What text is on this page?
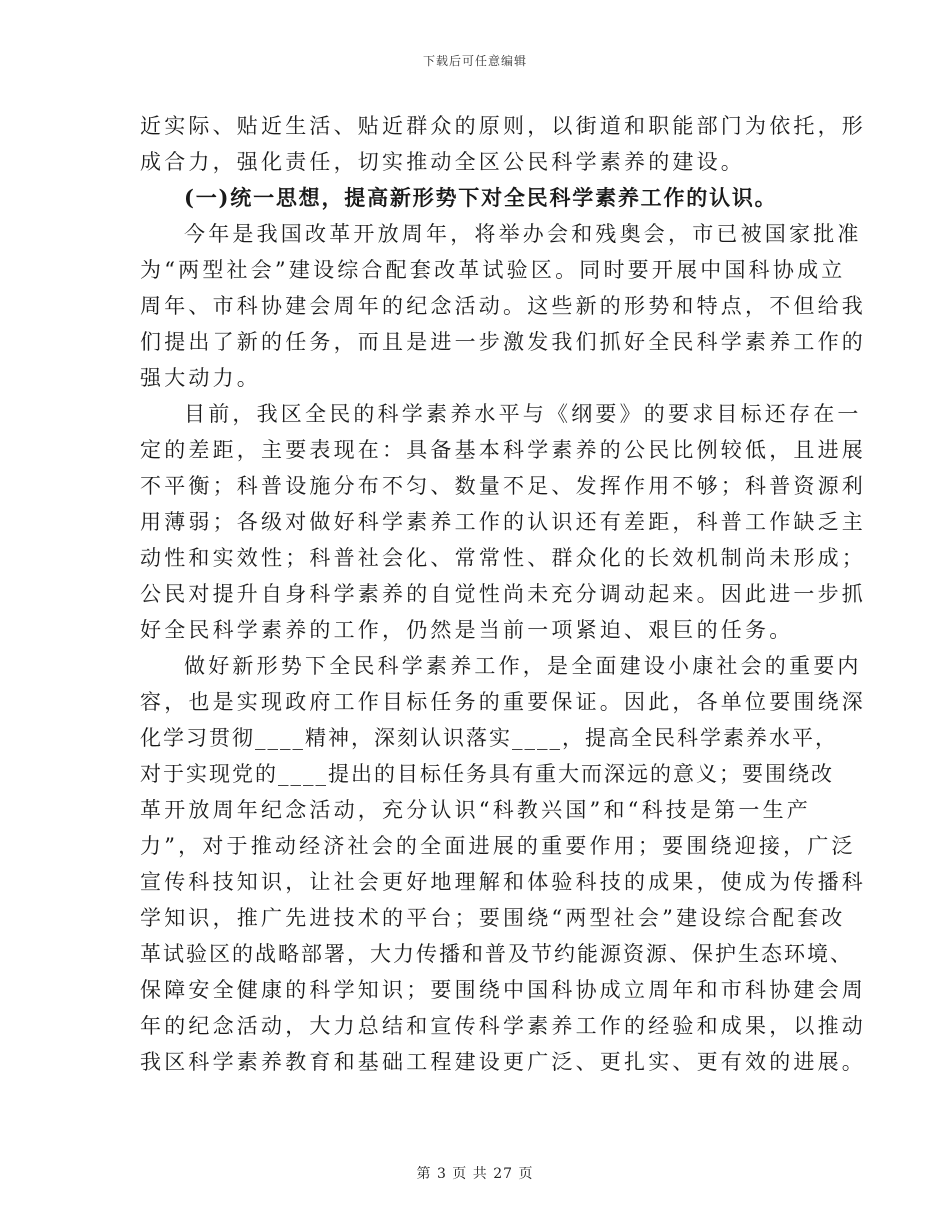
下载后可任意编辑
近实际、贴近生活、贴近群众的原则，以街道和职能部门为依托，形
成合力，强化责任，切实推动全区公民科学素养的建设。
(一)统一思想，提高新形势下对全民科学素养工作的认识。
今年是我国改革开放周年，将举办会和残奥会，市已被国家批准
为“两型社会”建设综合配套改革试验区。同时要开展中国科协成立
周年、市科协建会周年的纪念活动。这些新的形势和特点，不但给我
们提出了新的任务，而且是进一步激发我们抓好全民科学素养工作的
强大动力。
目前，我区全民的科学素养水平与《纲要》的要求目标还存在一
定的差距，主要表现在：具备基本科学素养的公民比例较低，且进展
不平衡；科普设施分布不匀、数量不足、发挥作用不够；科普资源利
用薄弱；各级对做好科学素养工作的认识还有差距，科普工作缺乏主
动性和实效性；科普社会化、常常性、群众化的长效机制尚未形成；
公民对提升自身科学素养的自觉性尚未充分调动起来。因此进一步抓
好全民科学素养的工作，仍然是当前一项紧迫、艰巨的任务。
做好新形势下全民科学素养工作，是全面建设小康社会的重要内
容，也是实现政府工作目标任务的重要保证。因此，各单位要围绕深
化学习贯彻____精神，深刻认识落实____，提高全民科学素养水平，
对于实现党的____提出的目标任务具有重大而深远的意义；要围绕改
革开放周年纪念活动，充分认识“科教兴国”和“科技是第一生产
力”，对于推动经济社会的全面进展的重要作用；要围绕迎接，广泛
宣传科技知识，让社会更好地理解和体验科技的成果，使成为传播科
学知识，推广先进技术的平台；要围绕“两型社会”建设综合配套改
革试验区的战略部署，大力传播和普及节约能源资源、保护生态环境、
保障安全健康的科学知识；要围绕中国科协成立周年和市科协建会周
年的纪念活动，大力总结和宣传科学素养工作的经验和成果，以推动
我区科学素养教育和基础工程建设更广泛、更扎实、更有效的进展。
第 3 页 共 27 页
